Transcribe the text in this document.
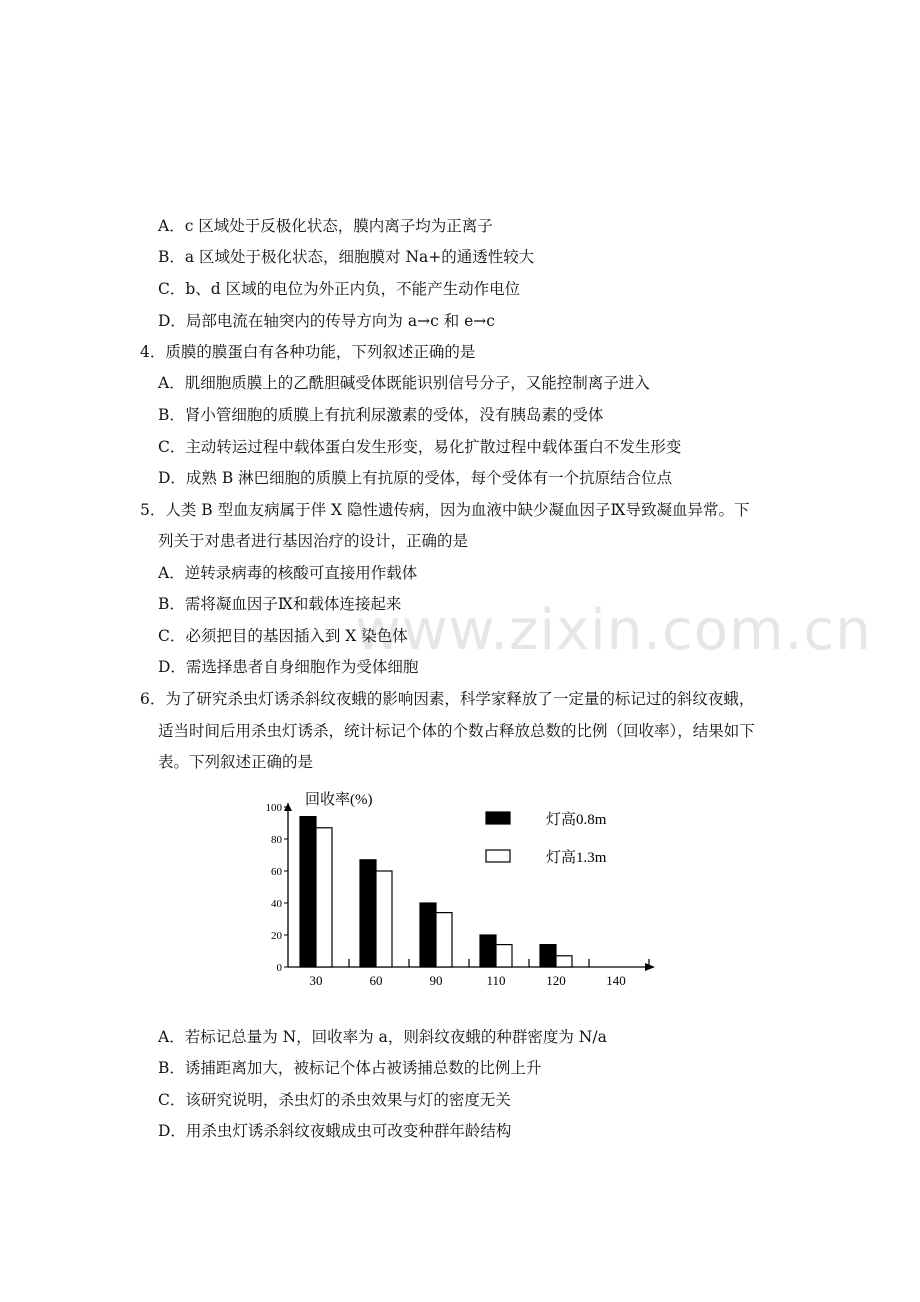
www.zixin.com.cn
A．c 区域处于反极化状态，膜内离子均为正离子
B．a 区域处于极化状态，细胞膜对 Na+的通透性较大
C．b、d 区域的电位为外正内负，不能产生动作电位
D．局部电流在轴突内的传导方向为 a→c 和 e→c
4．质膜的膜蛋白有各种功能，下列叙述正确的是
A．肌细胞质膜上的乙酰胆碱受体既能识别信号分子，又能控制离子进入
B．肾小管细胞的质膜上有抗利尿激素的受体，没有胰岛素的受体
C．主动转运过程中载体蛋白发生形变，易化扩散过程中载体蛋白不发生形变
D．成熟 B 淋巴细胞的质膜上有抗原的受体，每个受体有一个抗原结合位点
5．人类 B 型血友病属于伴 X 隐性遗传病，因为血液中缺少凝血因子Ⅸ导致凝血异常。下
列关于对患者进行基因治疗的设计，正确的是
A．逆转录病毒的核酸可直接用作载体
B．需将凝血因子Ⅸ和载体连接起来
C．必须把目的基因插入到 X 染色体
D．需选择患者自身细胞作为受体细胞
6．为了研究杀虫灯诱杀斜纹夜蛾的影响因素，科学家释放了一定量的标记过的斜纹夜蛾，
适当时间后用杀虫灯诱杀，统计标记个体的个数占释放总数的比例（回收率），结果如下
表。下列叙述正确的是
回收率(%)
0
20
40
60
80
100
30	60	90	110	120	140
灯高0.8m
灯高1.3m
A．若标记总量为 N，回收率为 a，则斜纹夜蛾的种群密度为 N/a
B．诱捕距离加大，被标记个体占被诱捕总数的比例上升
C．该研究说明，杀虫灯的杀虫效果与灯的密度无关
D．用杀虫灯诱杀斜纹夜蛾成虫可改变种群年龄结构
